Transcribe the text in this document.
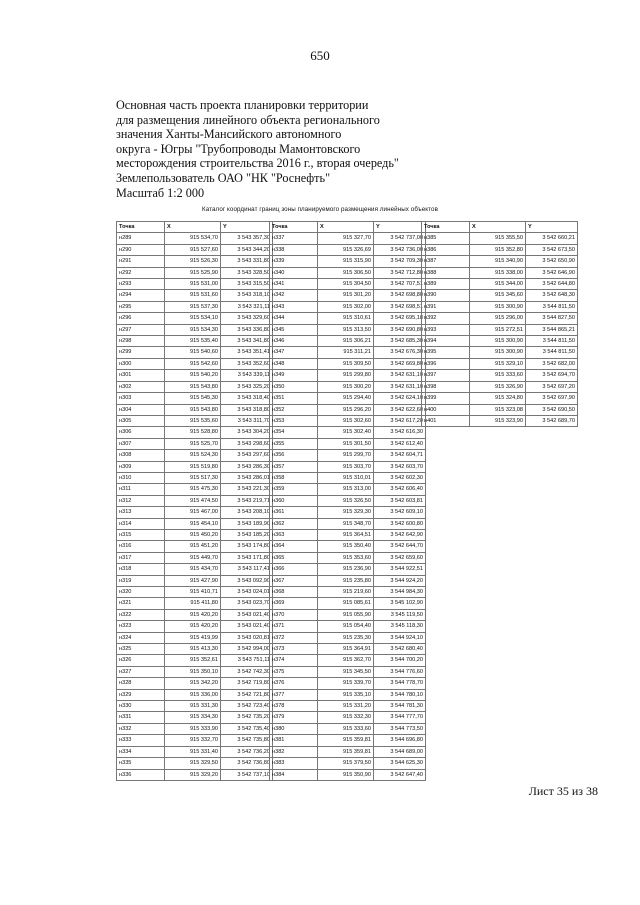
650
Основная часть проекта планировки территории
для размещения линейного объекта регионального
значения Ханты-Мансийского автономного
округа - Югры "Трубопроводы Мамонтовского
месторождения строительства 2016 г., вторая очередь"
Землепользователь ОАО "НК "Роснефть"
Масштаб 1:2 000
Каталог координат границ зоны планируемого размещения линейных объектов
Точка	X	Y
н289	915 534,70	3 543 357,30
н290	915 527,60	3 543 344,20
н291	915 526,30	3 543 331,80
н292	915 525,90	3 543 328,50
н293	915 531,00	3 543 315,50
н294	915 531,60	3 543 318,10
н295	915 537,30	3 543 321,11
н296	915 534,10	3 543 329,60
н297	915 534,30	3 543 336,80
н298	915 535,40	3 543 341,80
н299	915 540,60	3 543 351,41
н300	915 542,60	3 543 352,60
н301	915 540,20	3 543 339,11
н302	915 543,80	3 543 325,20
н303	915 545,30	3 543 318,40
н304	915 543,80	3 543 318,80
н305	915 535,60	3 543 311,70
н306	915 528,80	3 543 304,20
н307	915 525,70	3 543 298,60
н308	915 524,30	3 543 297,60
н309	915 519,80	3 543 286,30
н310	915 517,30	3 543 286,01
н311	915 475,30	3 543 221,30
н312	915 474,50	3 543 219,71
н313	915 467,00	3 543 208,10
н314	915 454,10	3 543 189,90
н315	915 450,20	3 543 185,20
н316	915 451,20	3 543 174,80
н317	915 449,70	3 543 171,80
н318	915 434,70	3 543 117,41
н319	915 427,90	3 543 092,90
н320	915 410,71	3 543 024,01
н321	915 411,80	3 543 023,70
н322	915 420,20	3 543 021,40
н323	915 420,20	3 543 021,40
н324	915 419,99	3 543 020,81
н325	915 413,30	3 542 994,00
н326	915 352,61	3 543 751,11
н327	915 350,10	3 542 742,30
н328	915 342,20	3 542 719,80
н329	915 336,00	3 542 721,80
н330	915 331,30	3 542 723,40
н331	915 334,30	3 542 735,20
н332	915 333,90	3 542 735,40
н333	915 332,70	3 542 735,80
н334	915 331,40	3 542 736,20
н335	915 329,50	3 542 736,80
н336	915 329,20	3 542 737,10
Точка	X	Y
н337	915 327,70	3 542 737,00
н338	915 326,69	3 542 736,00
н339	915 315,90	3 542 709,30
н340	915 306,50	3 542 712,80
н341	915 304,50	3 542 707,51
н342	915 301,20	3 542 698,80
н343	915 302,00	3 542 698,51
н344	915 310,61	3 542 695,18
н345	915 313,50	3 542 690,80
н346	915 306,21	3 542 685,30
н347	915 311,21	3 542 676,30
н348	915 309,50	3 542 669,80
н349	915 299,80	3 542 631,10
н350	915 300,20	3 542 631,10
н351	915 294,40	3 542 624,10
н352	915 296,20	3 542 622,60
н353	915 302,60	3 542 617,20
н354	915 302,40	3 542 616,30
н355	915 301,50	3 542 612,40
н356	915 299,70	3 542 604,71
н357	915 303,70	3 542 603,70
н358	915 310,01	3 542 602,30
н359	915 313,00	3 542 606,40
н360	915 326,50	3 542 603,81
н361	915 329,30	3 542 609,10
н362	915 348,70	3 542 600,80
н363	915 364,51	3 542 642,90
н364	915 350,40	3 542 644,70
н365	915 353,60	3 542 659,60
н366	915 236,90	3 544 922,51
н367	915 235,80	3 544 924,20
н368	915 219,60	3 544 984,30
н369	915 085,61	3 545 102,90
н370	915 055,90	3 545 119,50
н371	915 054,40	3 545 118,30
н372	915 235,30	3 544 924,10
н373	915 364,91	3 542 680,40
н374	915 362,70	3 544 700,20
н375	915 345,50	3 544 776,60
н376	915 339,70	3 544 778,70
н377	915 335,10	3 544 780,10
н378	915 331,20	3 544 781,30
н379	915 332,30	3 544 777,70
н380	915 333,60	3 544 773,50
н381	915 359,81	3 544 696,80
н382	915 359,81	3 544 689,00
н383	915 379,50	3 544 625,30
н384	915 350,90	3 542 647,40
Точка	X	Y
н385	915 355,50	3 542 660,21
н386	915 352,80	3 542 673,50
н387	915 340,90	3 542 650,90
н388	915 338,00	3 542 646,90
н389	915 344,00	3 542 644,80
н390	915 345,60	3 542 648,30
н391	915 300,90	3 544 811,50
н392	915 296,00	3 544 827,50
н393	915 272,51	3 544 865,21
н394	915 300,90	3 544 811,50
н395	915 300,90	3 544 811,50
н396	915 329,10	3 542 682,00
н397	915 333,60	3 542 694,70
н398	915 326,90	3 542 697,20
н399	915 324,80	3 542 697,90
н400	915 323,08	3 542 690,50
н401	915 323,90	3 542 689,70
Лист 35 из 38
